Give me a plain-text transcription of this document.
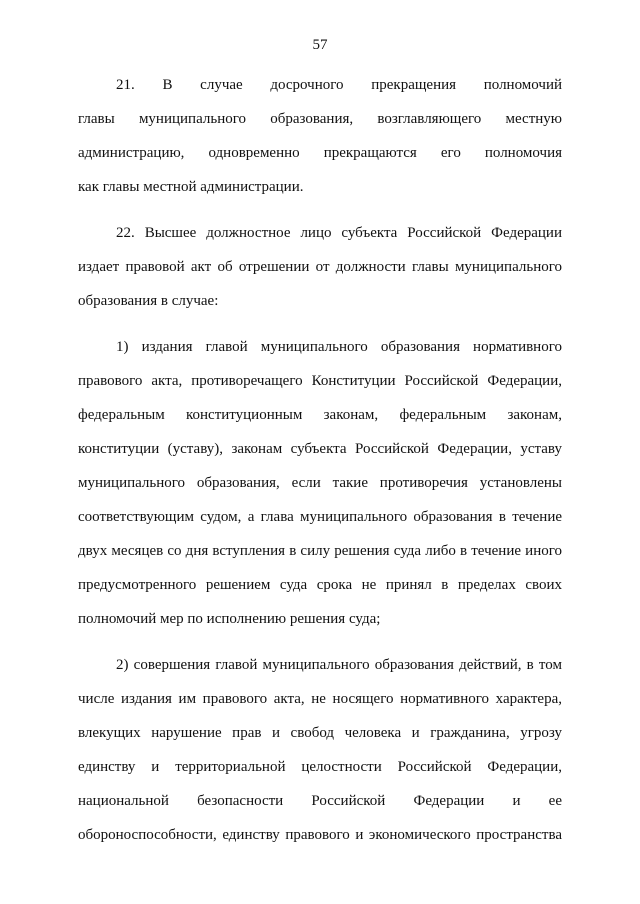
57
21. В случае досрочного прекращения полномочий
главы муниципального образования, возглавляющего местную
администрацию, одновременно прекращаются его полномочия
как главы местной администрации.
22. Высшее должностное лицо субъекта Российской Федерации
издает правовой акт об отрешении от должности главы муниципального
образования в случае:
1) издания главой муниципального образования нормативного
правового акта, противоречащего Конституции Российской Федерации,
федеральным конституционным законам, федеральным законам,
конституции (уставу), законам субъекта Российской Федерации, уставу
муниципального образования, если такие противоречия установлены
соответствующим судом, а глава муниципального образования в течение
двух месяцев со дня вступления в силу решения суда либо в течение иного
предусмотренного решением суда срока не принял в пределах своих
полномочий мер по исполнению решения суда;
2) совершения главой муниципального образования действий, в том
числе издания им правового акта, не носящего нормативного характера,
влекущих нарушение прав и свобод человека и гражданина, угрозу
единству и территориальной целостности Российской Федерации,
национальной безопасности Российской Федерации и ее
обороноспособности, единству правового и экономического пространства
